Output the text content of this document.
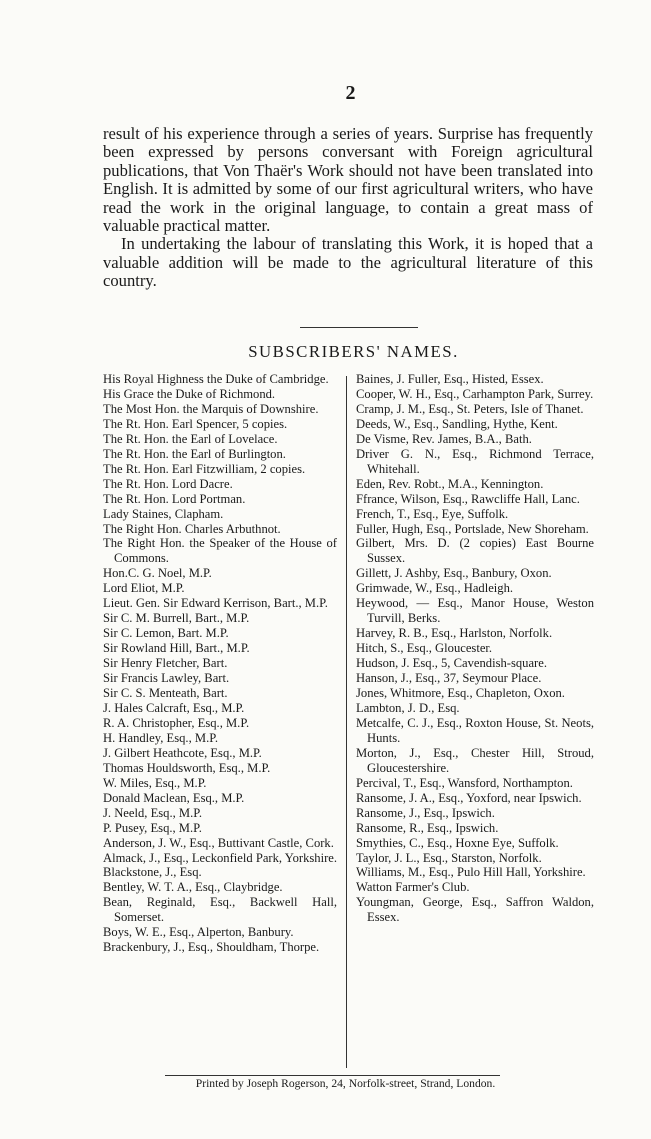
2

result of his experience through a series of years. Surprise has frequently been expressed by persons conversant with Foreign agricultural publications, that Von Thaër's Work should not have been translated into English. It is admitted by some of our first agricultural writers, who have read the work in the original language, to contain a great mass of valuable practical matter.

In undertaking the labour of translating this Work, it is hoped that a valuable addition will be made to the agricultural literature of this country.

SUBSCRIBERS' NAMES.
His Royal Highness the Duke of Cambridge.
His Grace the Duke of Richmond.
The Most Hon. the Marquis of Downshire.
The Rt. Hon. Earl Spencer, 5 copies.
The Rt. Hon. the Earl of Lovelace.
The Rt. Hon. the Earl of Burlington.
The Rt. Hon. Earl Fitzwilliam, 2 copies.
The Rt. Hon. Lord Dacre.
The Rt. Hon. Lord Portman.
Lady Staines, Clapham.
The Right Hon. Charles Arbuthnot.
The Right Hon. the Speaker of the House of Commons.
Hon.C. G. Noel, M.P.
Lord Eliot, M.P.
Lieut. Gen. Sir Edward Kerrison, Bart., M.P.
Sir C. M. Burrell, Bart., M.P.
Sir C. Lemon, Bart. M.P.
Sir Rowland Hill, Bart., M.P.
Sir Henry Fletcher, Bart.
Sir Francis Lawley, Bart.
Sir C. S. Menteath, Bart.
J. Hales Calcraft, Esq., M.P.
R. A. Christopher, Esq., M.P.
H. Handley, Esq., M.P.
J. Gilbert Heathcote, Esq., M.P.
Thomas Houldsworth, Esq., M.P.
W. Miles, Esq., M.P.
Donald Maclean, Esq., M.P.
J. Neeld, Esq., M.P.
P. Pusey, Esq., M.P.
Anderson, J. W., Esq., Buttivant Castle, Cork.
Almack, J., Esq., Leckonfield Park, Yorkshire.
Blackstone, J., Esq.
Bentley, W. T. A., Esq., Claybridge.
Bean, Reginald, Esq., Backwell Hall, Somerset.
Boys, W. E., Esq., Alperton, Banbury.
Brackenbury, J., Esq., Shouldham, Thorpe.
Baines, J. Fuller, Esq., Histed, Essex.
Cooper, W. H., Esq., Carhampton Park, Surrey.
Cramp, J. M., Esq., St. Peters, Isle of Thanet.
Deeds, W., Esq., Sandling, Hythe, Kent.
De Visme, Rev. James, B.A., Bath.
Driver G. N., Esq., Richmond Terrace, Whitehall.
Eden, Rev. Robt., M.A., Kennington.
Ffrance, Wilson, Esq., Rawcliffe Hall, Lanc.
French, T., Esq., Eye, Suffolk.
Fuller, Hugh, Esq., Portslade, New Shoreham.
Gilbert, Mrs. D. (2 copies) East Bourne Sussex.
Gillett, J. Ashby, Esq., Banbury, Oxon.
Grimwade, W., Esq., Hadleigh.
Heywood, — Esq., Manor House, Weston Turvill, Berks.
Harvey, R. B., Esq., Harlston, Norfolk.
Hitch, S., Esq., Gloucester.
Hudson, J. Esq., 5, Cavendish-square.
Hanson, J., Esq., 37, Seymour Place.
Jones, Whitmore, Esq., Chapleton, Oxon.
Lambton, J. D., Esq.
Metcalfe, C. J., Esq., Roxton House, St. Neots, Hunts.
Morton, J., Esq., Chester Hill, Stroud, Gloucestershire.
Percival, T., Esq., Wansford, Northampton.
Ransome, J. A., Esq., Yoxford, near Ipswich.
Ransome, J., Esq., Ipswich.
Ransome, R., Esq., Ipswich.
Smythies, C., Esq., Hoxne Eye, Suffolk.
Taylor, J. L., Esq., Starston, Norfolk.
Williams, M., Esq., Pulo Hill Hall, Yorkshire.
Watton Farmer's Club.
Youngman, George, Esq., Saffron Waldon, Essex.
Printed by Joseph Rogerson, 24, Norfolk-street, Strand, London.
